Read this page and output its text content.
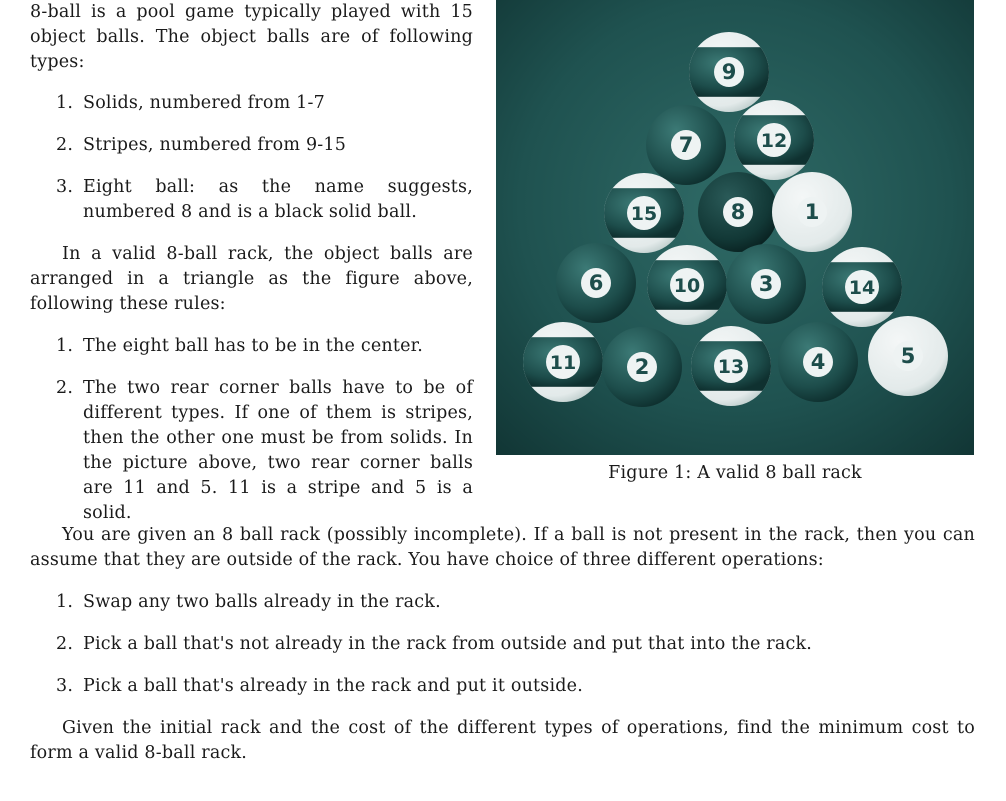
8-ball is a pool game typically played with 15 object balls. The object balls are of following types:

1. Solids, numbered from 1-7
2. Stripes, numbered from 9-15
3. Eight ball: as the name suggests, numbered 8 and is a black solid ball.

In a valid 8-ball rack, the object balls are arranged in a triangle as the figure above, following these rules:

1. The eight ball has to be in the center.
2. The two rear corner balls have to be of different types. If one of them is stripes, then the other one must be from solids. In the picture above, two rear corner balls are 11 and 5. 11 is a stripe and 5 is a solid.
9
7	12
15	8	1
6	10	3	14
11	2	13	4	5
Figure 1: A valid 8 ball rack

You are given an 8 ball rack (possibly incomplete). If a ball is not present in the rack, then you can assume that they are outside of the rack. You have choice of three different operations:

1. Swap any two balls already in the rack.
2. Pick a ball that's not already in the rack from outside and put that into the rack.
3. Pick a ball that's already in the rack and put it outside.

Given the initial rack and the cost of the different types of operations, find the minimum cost to form a valid 8-ball rack.
